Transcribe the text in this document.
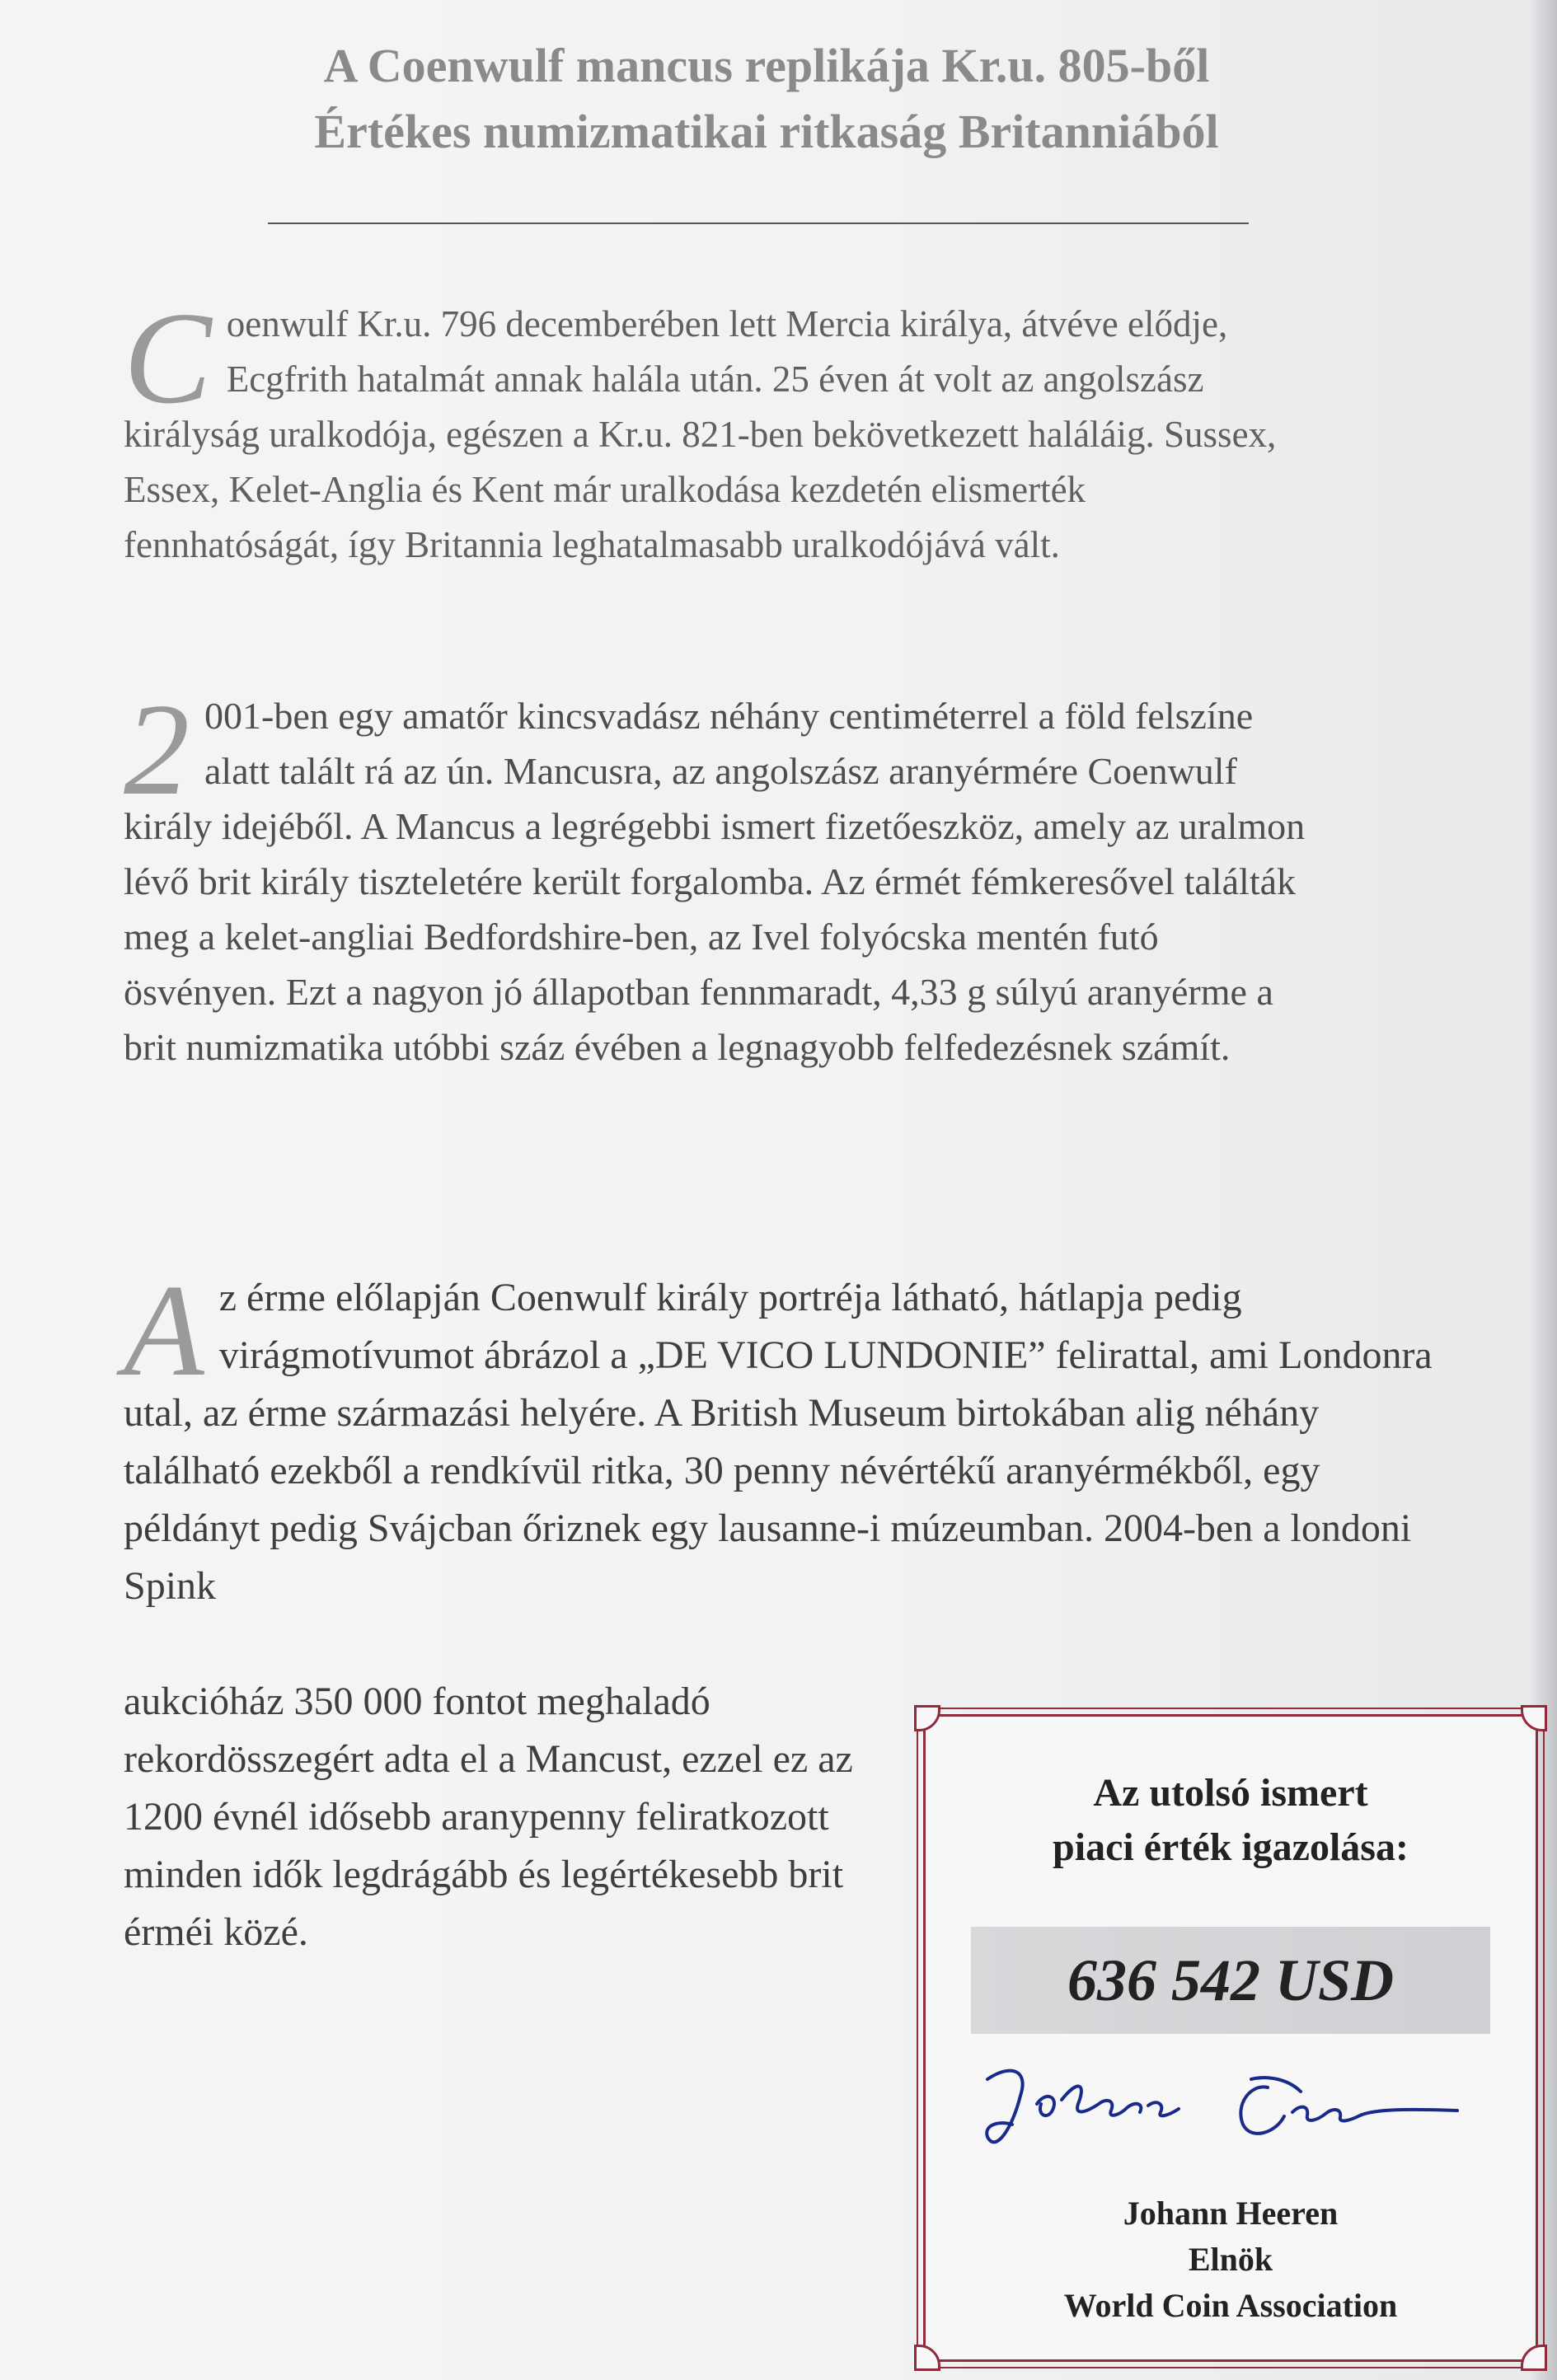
A Coenwulf mancus replikája Kr.u. 805-ből
Értékes numizmatikai ritkaság Britanniából

Coenwulf Kr.u. 796 decemberében lett Mercia királya, átvéve elődje, Ecgfrith hatalmát annak halála után. 25 éven át volt az angolszász királyság uralkodója, egészen a Kr.u. 821-ben bekövetkezett haláláig. Sussex, Essex, Kelet-Anglia és Kent már uralkodása kezdetén elismerték fennhatóságát, így Britannia leghatalmasabb uralkodójává vált.

2 001-ben egy amatőr kincsvadász néhány centiméterrel a föld felszíne alatt talált rá az ún. Mancusra, az angolszász aranyérmére Coenwulf király idejéből. A Mancus a legrégebbi ismert fizetőeszköz, amely az uralmon lévő brit király tiszteletére került forgalomba. Az érmét fémkeresővel találták meg a kelet-angliai Bedfordshire-ben, az Ivel folyócska mentén futó ösvényen. Ezt a nagyon jó állapotban fennmaradt, 4,33 g súlyú aranyérme a brit numizmatika utóbbi száz évében a legnagyobb felfedezésnek számít.

Az érme előlapján Coenwulf király portréja látható, hátlapja pedig virágmotívumot ábrázol a „DE VICO LUNDONIE” felirattal, ami Londonra utal, az érme származási helyére. A British Museum birtokában alig néhány található ezekből a rendkívül ritka, 30 penny névértékű aranyérmékből, egy példányt pedig Svájcban őriznek egy lausanne-i múzeumban. 2004-ben a londoni Spink

aukcióház 350 000 fontot meghaladó rekordösszegért adta el a Mancust, ezzel ez az 1200 évnél idősebb aranypenny feliratkozott minden idők legdrágább és legértékesebb brit érméi közé.

Az utolsó ismert
piaci érték igazolása:
636 542 USD
Johann Heeren
Elnök
World Coin Association
